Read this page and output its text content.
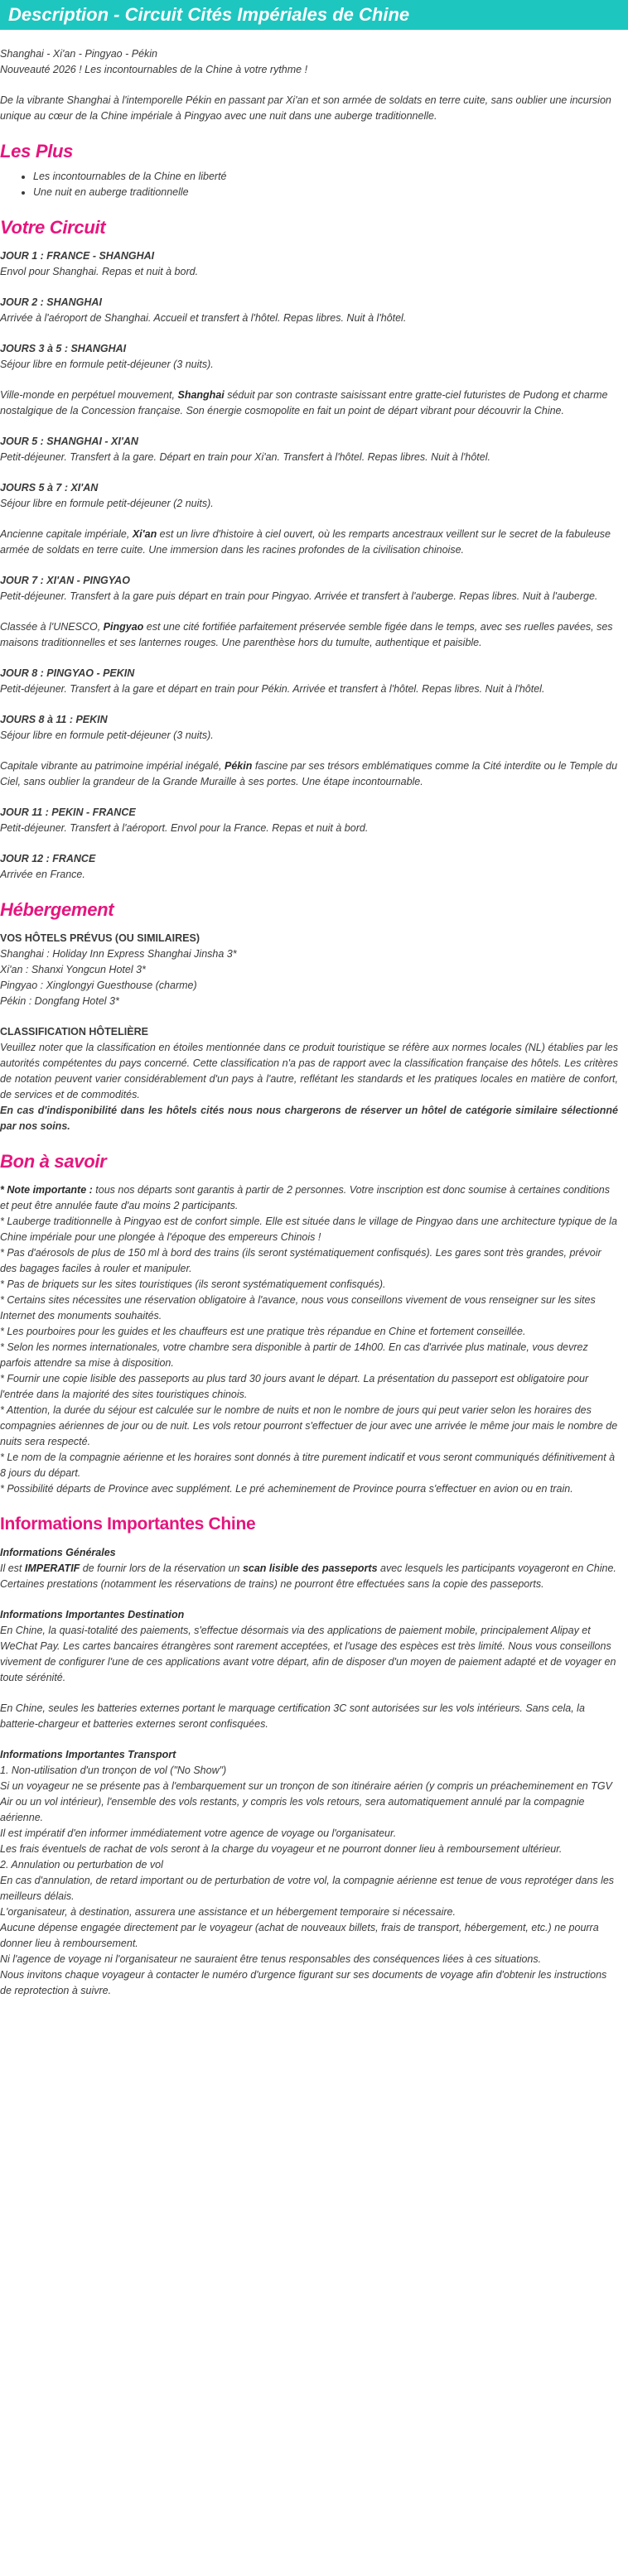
Description - Circuit Cités Impériales de Chine

Shanghai - Xi'an - Pingyao - Pékin

Nouveauté 2026 ! Les incontournables de la Chine à votre rythme !

De la vibrante Shanghai à l'intemporelle Pékin en passant par Xi'an et son armée de soldats en terre cuite, sans oublier une incursion unique au cœur de la Chine impériale à Pingyao avec une nuit dans une auberge traditionnelle.

Les Plus
• Les incontournables de la Chine en liberté
• Une nuit en auberge traditionnelle
Votre Circuit

JOUR 1 : FRANCE - SHANGHAI

Envol pour Shanghai. Repas et nuit à bord.

JOUR 2 : SHANGHAI

Arrivée à l'aéroport de Shanghai. Accueil et transfert à l'hôtel. Repas libres. Nuit à l'hôtel.

JOURS 3 à 5 : SHANGHAI

Séjour libre en formule petit-déjeuner (3 nuits).

Ville-monde en perpétuel mouvement, Shanghai séduit par son contraste saisissant entre gratte-ciel futuristes de Pudong et charme nostalgique de la Concession française. Son énergie cosmopolite en fait un point de départ vibrant pour découvrir la Chine.

JOUR 5 : SHANGHAI - XI'AN

Petit-déjeuner. Transfert à la gare. Départ en train pour Xi'an. Transfert à l'hôtel. Repas libres. Nuit à l'hôtel.

JOURS 5 à 7 : XI'AN

Séjour libre en formule petit-déjeuner (2 nuits).

Ancienne capitale impériale, Xi'an est un livre d'histoire à ciel ouvert, où les remparts ancestraux veillent sur le secret de la fabuleuse armée de soldats en terre cuite. Une immersion dans les racines profondes de la civilisation chinoise.

JOUR 7 : XI'AN - PINGYAO

Petit-déjeuner. Transfert à la gare puis départ en train pour Pingyao. Arrivée et transfert à l'auberge. Repas libres. Nuit à l'auberge.

Classée à l'UNESCO, Pingyao est une cité fortifiée parfaitement préservée semble figée dans le temps, avec ses ruelles pavées, ses maisons traditionnelles et ses lanternes rouges. Une parenthèse hors du tumulte, authentique et paisible.

JOUR 8 : PINGYAO - PEKIN

Petit-déjeuner. Transfert à la gare et départ en train pour Pékin. Arrivée et transfert à l'hôtel. Repas libres. Nuit à l'hôtel.

JOURS 8 à 11 : PEKIN

Séjour libre en formule petit-déjeuner (3 nuits).

Capitale vibrante au patrimoine impérial inégalé, Pékin fascine par ses trésors emblématiques comme la Cité interdite ou le Temple du Ciel, sans oublier la grandeur de la Grande Muraille à ses portes. Une étape incontournable.

JOUR 11 : PEKIN - FRANCE

Petit-déjeuner. Transfert à l'aéroport. Envol pour la France. Repas et nuit à bord.

JOUR 12 : FRANCE

Arrivée en France.

Hébergement

VOS HÔTELS PRÉVUS (OU SIMILAIRES)

Shanghai : Holiday Inn Express Shanghai Jinsha 3*

Xi'an : Shanxi Yongcun Hotel 3*

Pingyao : Xinglongyi Guesthouse (charme)

Pékin : Dongfang Hotel 3*

CLASSIFICATION HÔTELIÈRE

Veuillez noter que la classification en étoiles mentionnée dans ce produit touristique se réfère aux normes locales (NL) établies par les autorités compétentes du pays concerné. Cette classification n'a pas de rapport avec la classification française des hôtels. Les critères de notation peuvent varier considérablement d'un pays à l'autre, reflétant les standards et les pratiques locales en matière de confort, de services et de commodités.

En cas d'indisponibilité dans les hôtels cités nous nous chargerons de réserver un hôtel de catégorie similaire sélectionné par nos soins.

Bon à savoir

* Note importante : tous nos départs sont garantis à partir de 2 personnes. Votre inscription est donc soumise à certaines conditions et peut être annulée faute d'au moins 2 participants.

* Lauberge traditionnelle à Pingyao est de confort simple. Elle est située dans le village de Pingyao dans une architecture typique de la Chine impériale pour une plongée à l'époque des empereurs Chinois !

* Pas d'aérosols de plus de 150 ml à bord des trains (ils seront systématiquement confisqués). Les gares sont très grandes, prévoir des bagages faciles à rouler et manipuler.

* Pas de briquets sur les sites touristiques (ils seront systématiquement confisqués).

* Certains sites nécessites une réservation obligatoire à l'avance, nous vous conseillons vivement de vous renseigner sur les sites Internet des monuments souhaités.

* Les pourboires pour les guides et les chauffeurs est une pratique très répandue en Chine et fortement conseillée.

* Selon les normes internationales, votre chambre sera disponible à partir de 14h00. En cas d'arrivée plus matinale, vous devrez parfois attendre sa mise à disposition.

* Fournir une copie lisible des passeports au plus tard 30 jours avant le départ. La présentation du passeport est obligatoire pour l'entrée dans la majorité des sites touristiques chinois.

* Attention, la durée du séjour est calculée sur le nombre de nuits et non le nombre de jours qui peut varier selon les horaires des compagnies aériennes de jour ou de nuit. Les vols retour pourront s'effectuer de jour avec une arrivée le même jour mais le nombre de nuits sera respecté.

* Le nom de la compagnie aérienne et les horaires sont donnés à titre purement indicatif et vous seront communiqués définitivement à 8 jours du départ.

* Possibilité départs de Province avec supplément. Le pré acheminement de Province pourra s'effectuer en avion ou en train.

Informations Importantes Chine

Informations Générales

Il est IMPERATIF de fournir lors de la réservation un scan lisible des passeports avec lesquels les participants voyageront en Chine. Certaines prestations (notamment les réservations de trains) ne pourront être effectuées sans la copie des passeports.

Informations Importantes Destination

En Chine, la quasi-totalité des paiements, s'effectue désormais via des applications de paiement mobile, principalement Alipay et WeChat Pay. Les cartes bancaires étrangères sont rarement acceptées, et l'usage des espèces est très limité. Nous vous conseillons vivement de configurer l'une de ces applications avant votre départ, afin de disposer d'un moyen de paiement adapté et de voyager en toute sérénité.

En Chine, seules les batteries externes portant le marquage certification 3C sont autorisées sur les vols intérieurs. Sans cela, la batterie-chargeur et batteries externes seront confisquées.

Informations Importantes Transport

1. Non-utilisation d'un tronçon de vol ("No Show")

Si un voyageur ne se présente pas à l'embarquement sur un tronçon de son itinéraire aérien (y compris un préacheminement en TGV Air ou un vol intérieur), l'ensemble des vols restants, y compris les vols retours, sera automatiquement annulé par la compagnie aérienne.

Il est impératif d'en informer immédiatement votre agence de voyage ou l'organisateur.

Les frais éventuels de rachat de vols seront à la charge du voyageur et ne pourront donner lieu à remboursement ultérieur.

2. Annulation ou perturbation de vol

En cas d'annulation, de retard important ou de perturbation de votre vol, la compagnie aérienne est tenue de vous reprotéger dans les meilleurs délais.

L'organisateur, à destination, assurera une assistance et un hébergement temporaire si nécessaire.

Aucune dépense engagée directement par le voyageur (achat de nouveaux billets, frais de transport, hébergement, etc.) ne pourra donner lieu à remboursement.

Ni l'agence de voyage ni l'organisateur ne sauraient être tenus responsables des conséquences liées à ces situations.

Nous invitons chaque voyageur à contacter le numéro d'urgence figurant sur ses documents de voyage afin d'obtenir les instructions de reprotection à suivre.
